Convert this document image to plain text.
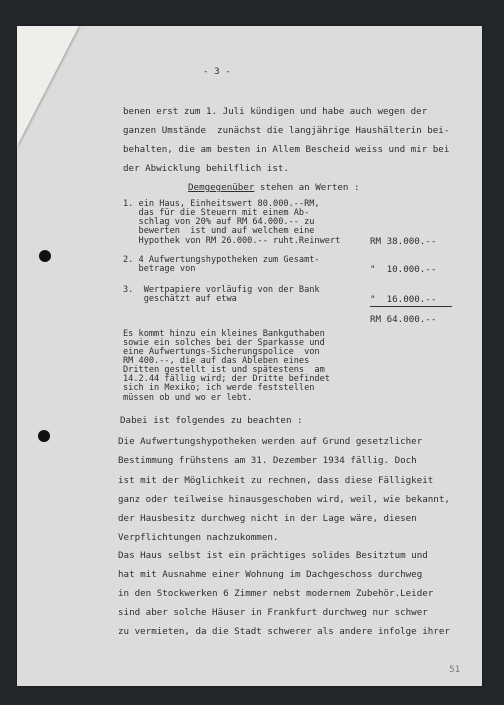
- 3 -
benen erst zum 1. Juli kündigen und habe auch wegen der
ganzen Umstände  zunächst die langjährige Haushälterin bei-
behalten, die am besten in Allem Bescheid weiss und mir bei
der Abwicklung behilflich ist.
Demgegenüber stehen an Werten :
1. ein Haus, Einheitswert 80.000.--RM,
das für die Steuern mit einem Ab-
schlag von 20% auf RM 64.000.-- zu
bewerten  ist und auf welchem eine
Hypothek von RM 26.000.-- ruht.Reinwert	RM 38.000.--
2. 4 Aufwertungshypotheken zum Gesamt-
betrage von	"  10.000.--
3.  Wertpapiere vorläufig von der Bank
geschätzt auf etwa	"  16.000.--
RM 64.000.--
Es kommt hinzu ein kleines Bankguthaben
sowie ein solches bei der Sparkasse und
eine Aufwertungs-Sicherungspolice  von
RM 400.--, die auf das Ableben eines
Dritten gestellt ist und spätestens  am
14.2.44 fällig wird; der Dritte befindet
sich in Mexiko; ich werde feststellen
müssen ob und wo er lebt.
Dabei ist folgendes zu beachten :
Die Aufwertungshypotheken werden auf Grund gesetzlicher
Bestimmung frühstens am 31. Dezember 1934 fällig. Doch
ist mit der Möglichkeit zu rechnen, dass diese Fälligkeit
ganz oder teilweise hinausgeschoben wird, weil, wie bekannt,
der Hausbesitz durchweg nicht in der Lage wäre, diesen
Verpflichtungen nachzukommen.
Das Haus selbst ist ein prächtiges solides Besitztum und
hat mit Ausnahme einer Wohnung im Dachgeschoss durchweg
in den Stockwerken 6 Zimmer nebst modernem Zubehör.Leider
sind aber solche Häuser in Frankfurt durchweg nur schwer
zu vermieten, da die Stadt schwerer als andere infolge ihrer
51
